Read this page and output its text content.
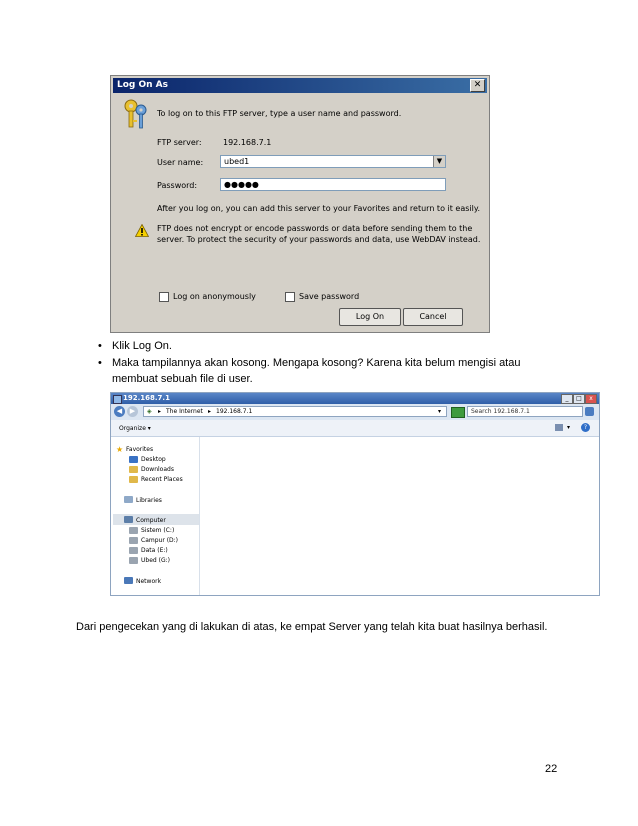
Log On As	✕
To log on to this FTP server, type a user name and password.
FTP server:	192.168.7.1
User name:	ubed1	▼
Password:	●●●●●
After you log on, you can add this server to your Favorites and return to it easily.
FTP does not encrypt or encode passwords or data before sending them to the
server. To protect the security of your passwords and data, use WebDAV instead.
Log on anonymously	Save password
Log On	Cancel
• Klik Log On.
• Maka tampilannya akan kosong. Mengapa kosong? Karena kita belum mengisi atau
membuat sebuah file di user.
192.168.7.1	_	□	x
◀	▶	◈ ▸ The Internet ▸ 192.168.7.1	▾	Search 192.168.7.1
Organize ▾	▾	?
★ Favorites
Desktop
Downloads
Recent Places
Libraries
Computer
Sistem (C:)
Campur (D:)
Data (E:)
Ubed (G:)
Network
Dari pengecekan yang di lakukan di atas, ke empat Server yang telah kita buat hasilnya berhasil.
22
